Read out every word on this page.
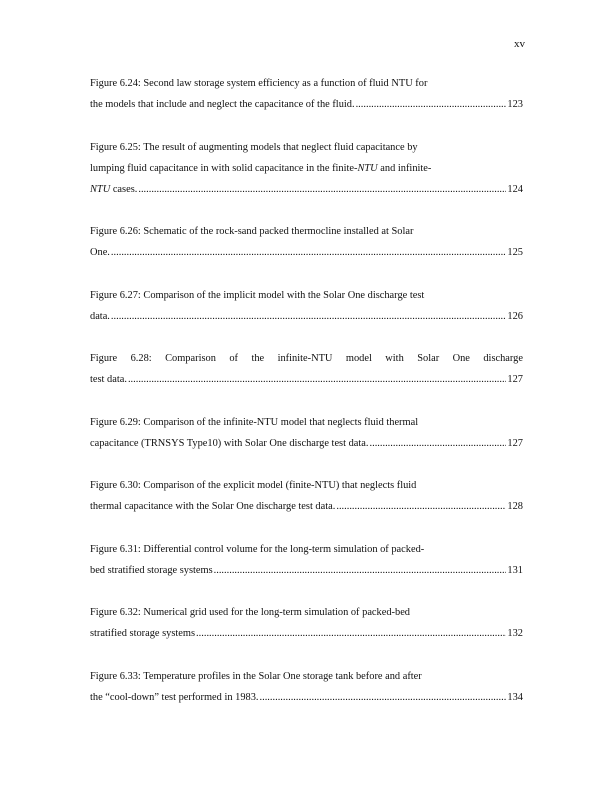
xv
Figure 6.24: Second law storage system efficiency as a function of fluid NTU for
the models that include and neglect the capacitance of the fluid. .....	123
Figure 6.25: The result of augmenting models that neglect fluid capacitance by
lumping fluid capacitance in with solid capacitance in the finite-NTU and infinite-
NTU cases. .....	124
Figure 6.26: Schematic of the rock-sand packed thermocline installed at Solar
One. .....	125
Figure 6.27: Comparison of the implicit model with the Solar One discharge test
data. .....	126
Figure 6.28: Comparison of the infinite-NTU model with Solar One discharge
test data. .....	127
Figure 6.29: Comparison of the infinite-NTU model that neglects fluid thermal
capacitance (TRNSYS Type10) with Solar One discharge test data. .....	127
Figure 6.30: Comparison of the explicit model (finite-NTU) that neglects fluid
thermal capacitance with the Solar One discharge test data. .....	128
Figure 6.31: Differential control volume for the long-term simulation of packed-
bed stratified storage systems .....	131
Figure 6.32: Numerical grid used for the long-term simulation of packed-bed
stratified storage systems .....	132
Figure 6.33: Temperature profiles in the Solar One storage tank before and after
the “cool-down” test performed in 1983. .....	134
